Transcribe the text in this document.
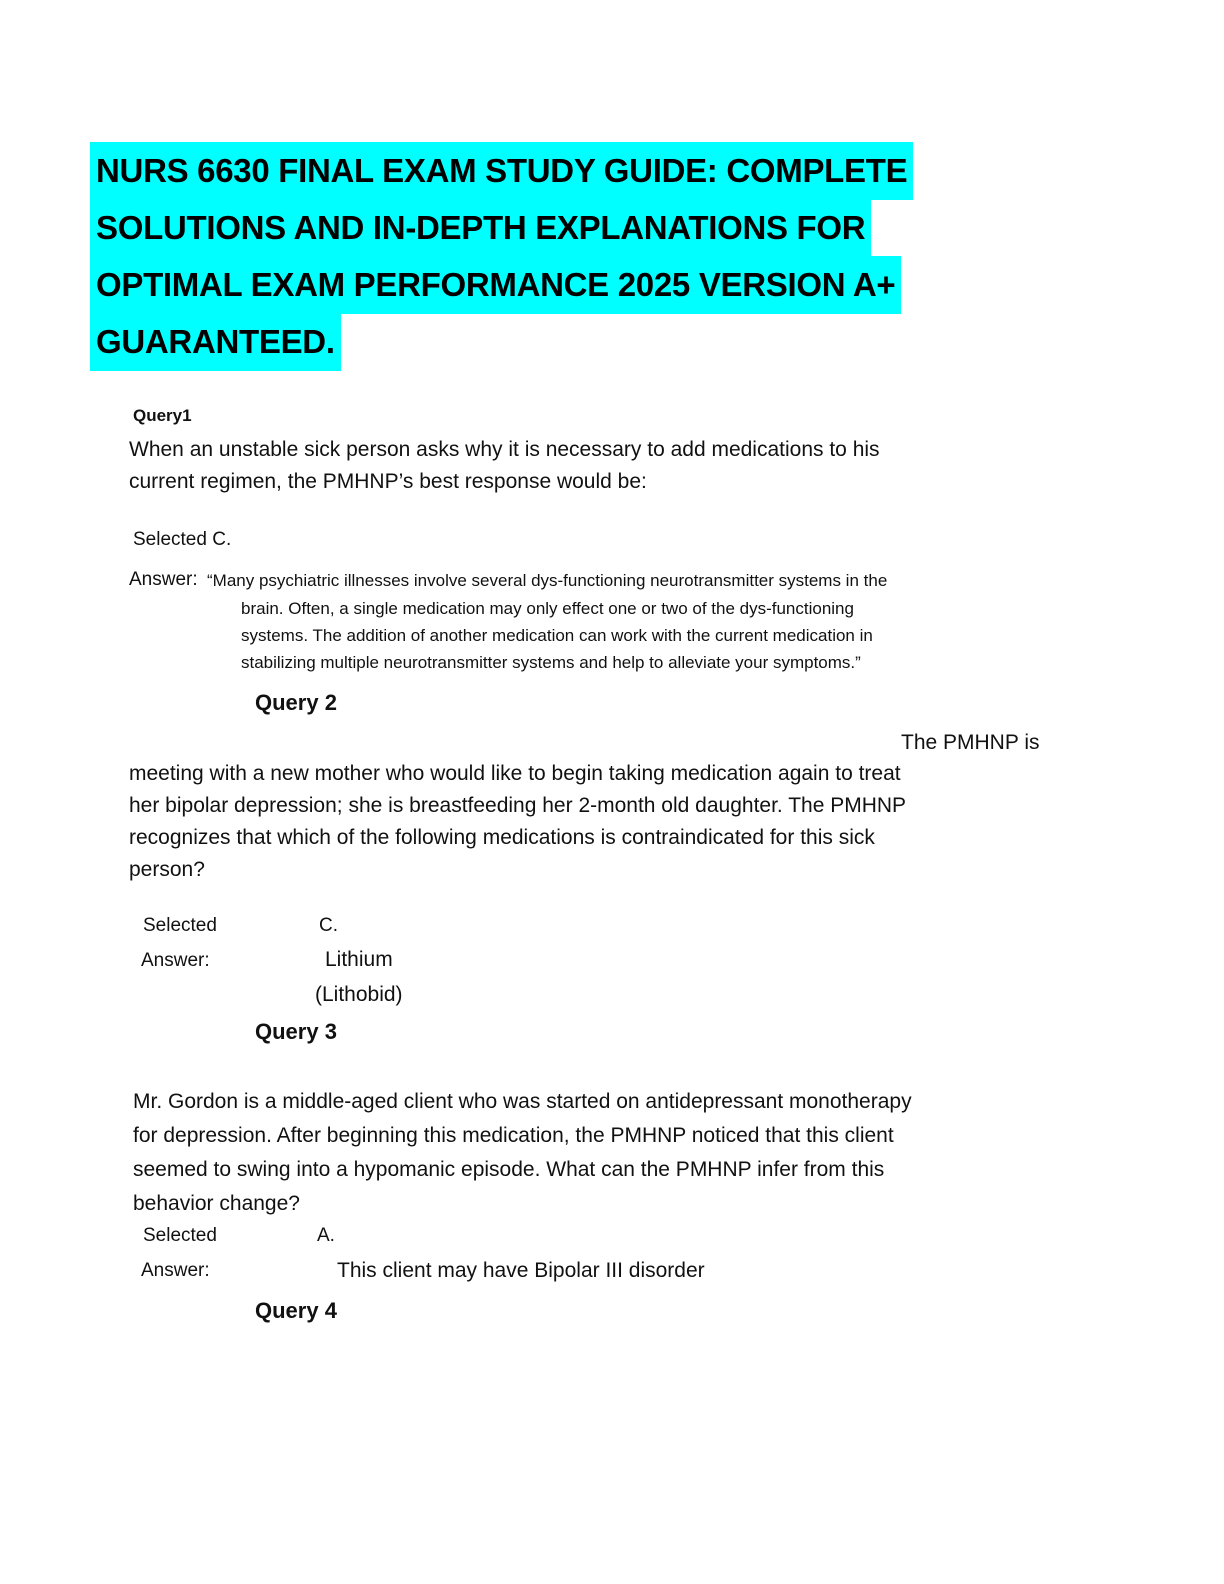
NURS 6630 FINAL EXAM STUDY GUIDE: COMPLETE
SOLUTIONS AND IN-DEPTH EXPLANATIONS FOR
OPTIMAL EXAM PERFORMANCE 2025 VERSION A+
GUARANTEED.
Query1
When an unstable sick person asks why it is necessary to add medications to his
current regimen, the PMHNP’s best response would be:
Selected C.
Answer: “Many psychiatric illnesses involve several dys-functioning neurotransmitter systems in the
brain. Often, a single medication may only effect one or two of the dys-functioning
systems. The addition of another medication can work with the current medication in
stabilizing multiple neurotransmitter systems and help to alleviate your symptoms.”
Query 2
The PMHNP is
meeting with a new mother who would like to begin taking medication again to treat
her bipolar depression; she is breastfeeding her 2-month old daughter. The PMHNP
recognizes that which of the following medications is contraindicated for this sick
person?
Selected	C.
Answer:	Lithium
(Lithobid)
Query 3
Mr. Gordon is a middle-aged client who was started on antidepressant monotherapy
for depression. After beginning this medication, the PMHNP noticed that this client
seemed to swing into a hypomanic episode. What can the PMHNP infer from this
behavior change?
Selected	A.
Answer:	This client may have Bipolar III disorder
Query 4
